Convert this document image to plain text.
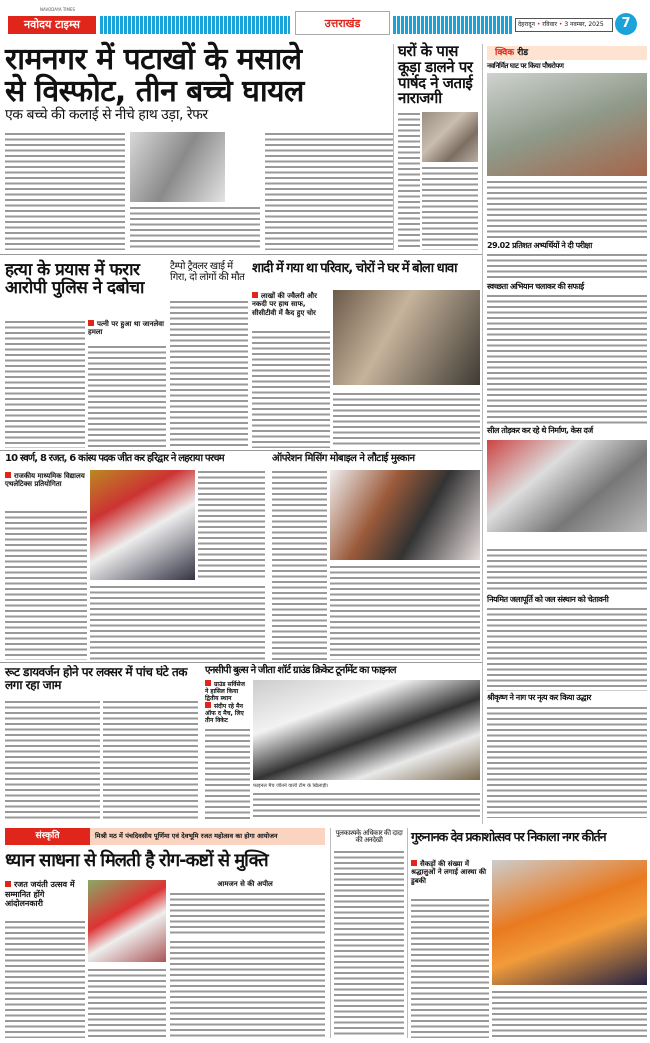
नवोदय टाइम्स
NAVODAYA TIMES
उत्तराखंड	देहरादून • रविवार • 3 नवम्बर, 2025	7
रामनगर में पटाखों के मसाले से विस्फोट, तीन बच्चे घायल
एक बच्चे की कलाई से नीचे हाथ उड़ा, रेफर
घरों के पास कूड़ा डालने पर पार्षद ने जताई नाराजगी
क्विक रीड
नवनिर्मित घाट पर किया पौधरोपण
29.02 प्रतिशत अभ्यर्थियों ने दी परीक्षा
स्वच्छता अभियान चलाकर की सफाई
सील तोड़कर कर रहे थे निर्माण, केस दर्ज
नियमित जलापूर्ति को जल संस्थान को चेतावनी
श्रीकृष्ण ने नाग पर नृत्य कर किया उद्धार
हत्या के प्रयास में फरार आरोपी पुलिस ने दबोचा
पत्नी पर हुआ था जानलेवा हमला
टैम्पो ट्रैवलर खाई में गिरा, दो लोगों की मौत
शादी में गया था परिवार, चोरों ने घर में बोला धावा
लाखों की ज्वैलरी और नकदी पर हाथ साफ, सीसीटीवी में कैद हुए चोर
10 स्वर्ण, 8 रजत, 6 कांस्य पदक जीत कर हरिद्वार ने लहराया परचम
राजकीय माध्यमिक विद्यालय एथलेटिक्स प्रतियोगिता
ऑपरेशन मिसिंग मोबाइल ने लौटाई मुस्कान
रूट डायवर्जन होने पर लक्सर में पांच घंटे तक लगा रहा जाम
एनसीपी बुल्स ने जीता शॉर्ट ग्राउंड क्रिकेट टूर्नामेंट का फाइनल
ग्राउंड सर्विसेज ने हासिल किया द्वितीय स्थान
संदीप रहे मैन ऑफ द मैच, लिए तीन विकेट
फाइनल मैच जीतने वाली टीम के खिलाड़ी।
संस्कृति	मिश्री मठ में पंचदिवसीय पूर्णिमा एवं देवभूमि रजत महोत्सव का होगा आयोजन
ध्यान साधना से मिलती है रोग-कष्टों से मुक्ति
रजत जयंती उत्सव में सम्मानित होंगे आंदोलनकारी
आमजन से की अपील
पुलकाश्यके अधिकार की दादा की अनदेखी	गुरुनानक देव प्रकाशोत्सव पर निकाला नगर कीर्तन
सैकड़ों की संख्या में श्रद्धालुओं ने लगाई आस्था की डुबकी
